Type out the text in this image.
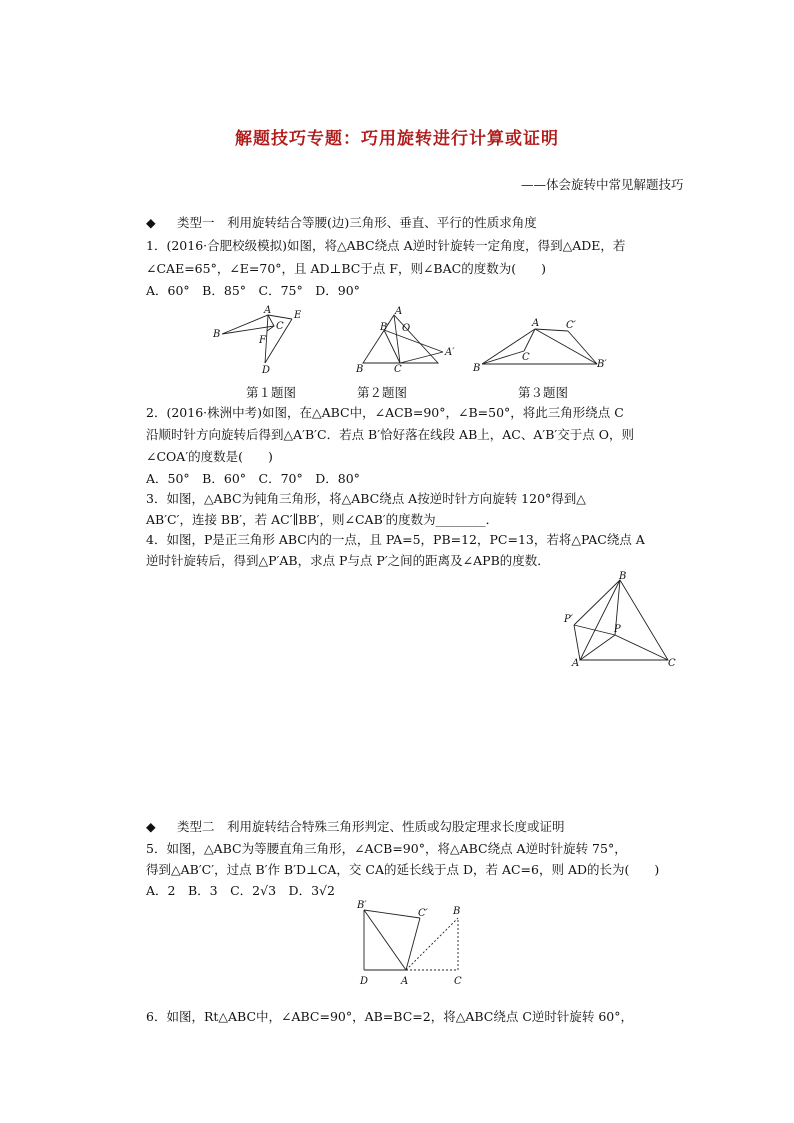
解题技巧专题：巧用旋转进行计算或证明
——体会旋转中常见解题技巧
◆ 类型一　利用旋转结合等腰(边)三角形、垂直、平行的性质求角度
1．(2016·合肥校级模拟)如图，将△ABC绕点 A逆时针旋转一定角度，得到△ADE，若
∠CAE=65°，∠E=70°，且 AD⊥BC于点 F，则∠BAC的度数为(　　)
A．60°　B．85°　C．75°　D．90°
A E
B
C
F
D
A
B′ O
B	C
A′
A	C′
C
B	B′
第１题图	第２题图	第３题图
2．(2016·株洲中考)如图，在△ABC中，∠ACB=90°，∠B=50°，将此三角形绕点 C
沿顺时针方向旋转后得到△A′B′C．若点 B′恰好落在线段 AB上，AC、A′B′交于点 O，则
∠COA′的度数是(　　)
A．50°　B．60°　C．70°　D．80°
3．如图，△ABC为钝角三角形，将△ABC绕点 A按逆时针方向旋转 120°得到△
AB′C′，连接 BB′，若 AC′∥BB′，则∠CAB′的度数为________．
4．如图，P是正三角形 ABC内的一点，且 PA=5，PB=12，PC=13，若将△PAC绕点 A
逆时针旋转后，得到△P′AB，求点 P与点 P′之间的距离及∠APB的度数．
B
P′
P
A	C
◆ 类型二　利用旋转结合特殊三角形判定、性质或勾股定理求长度或证明
5．如图，△ABC为等腰直角三角形，∠ACB=90°，将△ABC绕点 A逆时针旋转 75°，
得到△AB′C′，过点 B′作 B′D⊥CA，交 CA的延长线于点 D，若 AC=6，则 AD的长为(　　)
A．2　B．3　C．2√3　D．3√2
B′
C′	B
D	A	C
6．如图，Rt△ABC中，∠ABC=90°，AB=BC=2，将△ABC绕点 C逆时针旋转 60°，
